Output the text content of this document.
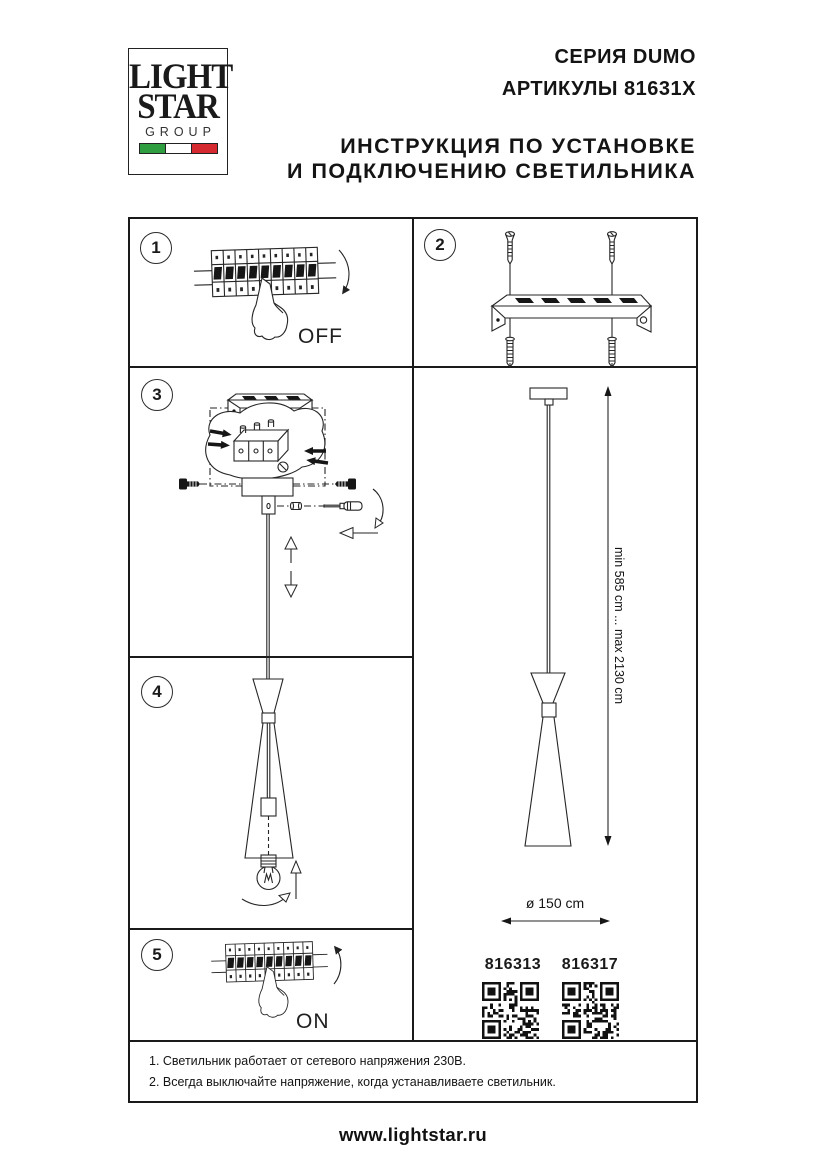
LIGHT
STAR
GROUP
СЕРИЯ DUMO
АРТИКУЛЫ 81631X
ИНСТРУКЦИЯ ПО УСТАНОВКЕ
И ПОДКЛЮЧЕНИЮ СВЕТИЛЬНИКА
1	2
3
4
5
OFF
ON
min 585 cm ... max 2130 cm
ø 150 cm
816313	816317
1. Светильник работает от сетевого напряжения 230В.
2. Всегда выключайте напряжение, когда устанавливаете светильник.
www.lightstar.ru
